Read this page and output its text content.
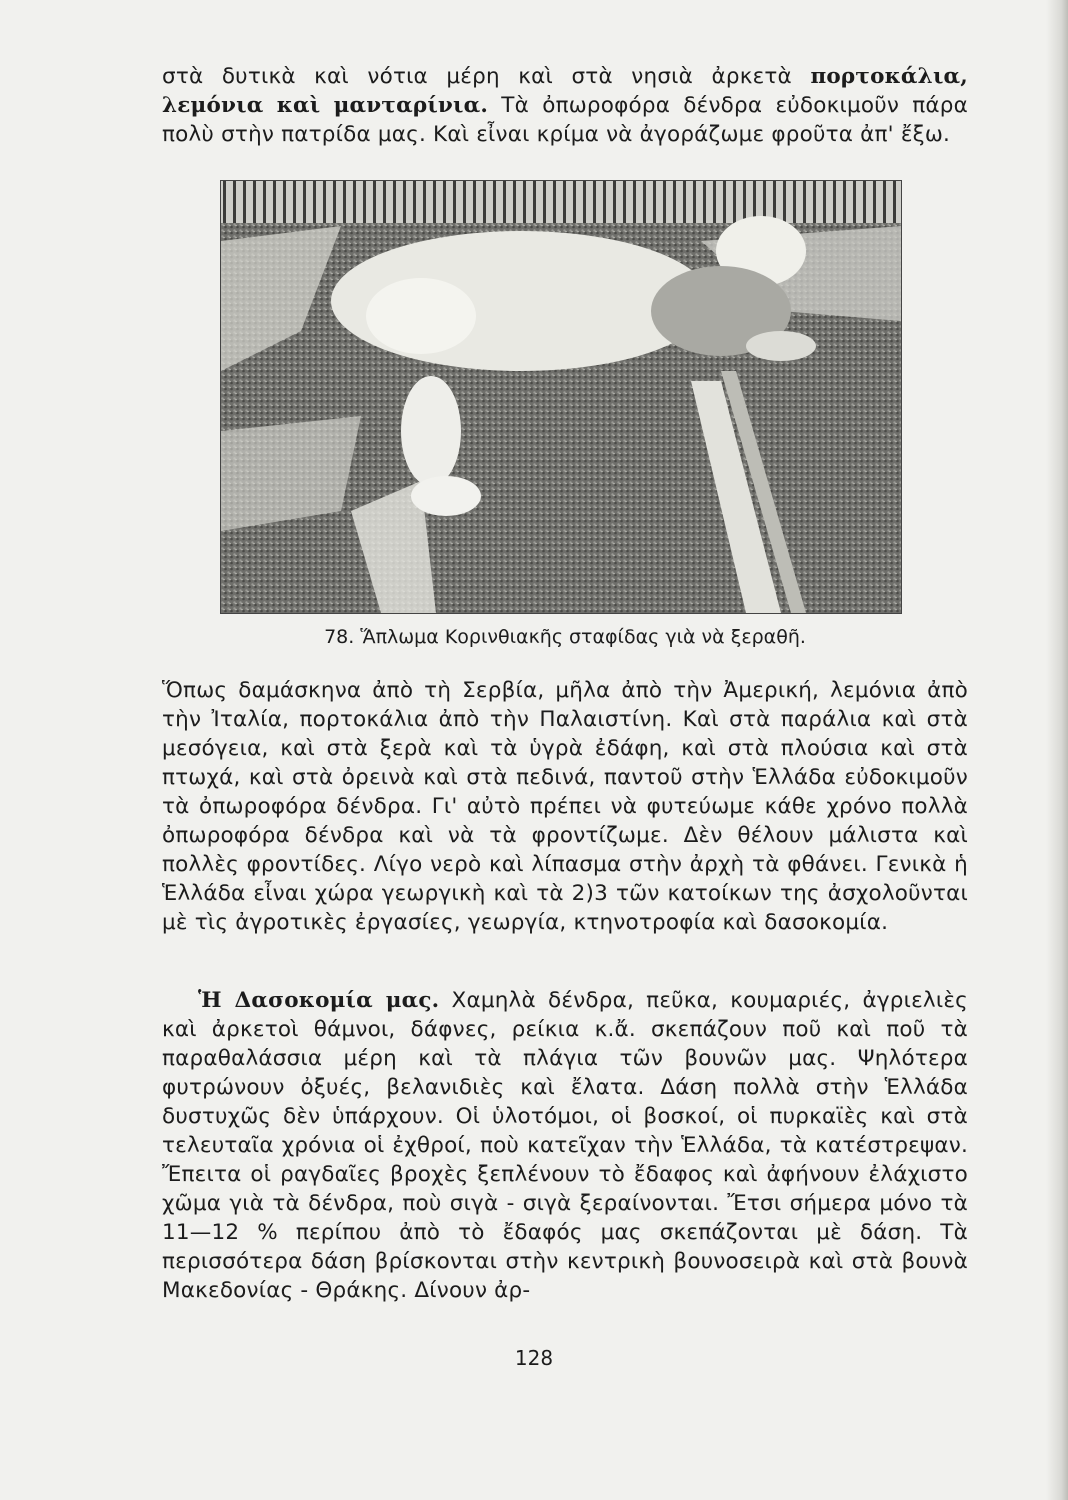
στὰ δυτικὰ καὶ νότια μέρη καὶ στὰ νησιὰ ἀρκετὰ πορτοκάλια, λεμόνια καὶ μανταρίνια. Τὰ ὀπωροφόρα δένδρα εὐδοκιμοῦν πάρα πολὺ στὴν πατρίδα μας. Καὶ εἶναι κρίμα νὰ ἀγοράζωμε φροῦτα ἀπ' ἔξω.

78. Ἅπλωμα Κορινθιακῆς σταφίδας γιὰ νὰ ξεραθῆ.

Ὅπως δαμάσκηνα ἀπὸ τὴ Σερβία, μῆλα ἀπὸ τὴν Ἀμερική, λεμόνια ἀπὸ τὴν Ἰταλία, πορτοκάλια ἀπὸ τὴν Παλαιστίνη. Καὶ στὰ παράλια καὶ στὰ μεσόγεια, καὶ στὰ ξερὰ καὶ τὰ ὑγρὰ ἐδάφη, καὶ στὰ πλούσια καὶ στὰ πτωχά, καὶ στὰ ὀρεινὰ καὶ στὰ πεδινά, παντοῦ στὴν Ἑλλάδα εὐδοκιμοῦν τὰ ὀπωροφόρα δένδρα. Γι' αὐτὸ πρέπει νὰ φυτεύωμε κάθε χρόνο πολλὰ ὀπωροφόρα δένδρα καὶ νὰ τὰ φροντίζωμε. Δὲν θέλουν μάλιστα καὶ πολλὲς φροντίδες. Λίγο νερὸ καὶ λίπασμα στὴν ἀρχὴ τὰ φθάνει. Γενικὰ ἡ Ἑλλάδα εἶναι χώρα γεωργικὴ καὶ τὰ 2)3 τῶν κατοίκων της ἀσχολοῦνται μὲ τὶς ἀγροτικὲς ἐργασίες, γεωργία, κτηνοτροφία καὶ δασοκομία.

Ἡ Δασοκομία μας. Χαμηλὰ δένδρα, πεῦκα, κουμαριές, ἀγριελιὲς καὶ ἀρκετοὶ θάμνοι, δάφνες, ρείκια κ.ἄ. σκεπάζουν ποῦ καὶ ποῦ τὰ παραθαλάσσια μέρη καὶ τὰ πλάγια τῶν βουνῶν μας. Ψηλότερα φυτρώνουν ὀξυές, βελανιδιὲς καὶ ἔλατα. Δάση πολλὰ στὴν Ἑλλάδα δυστυχῶς δὲν ὑπάρχουν. Οἱ ὑλοτόμοι, οἱ βοσκοί, οἱ πυρκαϊὲς καὶ στὰ τελευταῖα χρόνια οἱ ἐχθροί, ποὺ κατεῖχαν τὴν Ἑλλάδα, τὰ κατέστρεψαν. Ἔπειτα οἱ ραγδαῖες βροχὲς ξεπλένουν τὸ ἔδαφος καὶ ἀφήνουν ἐλάχιστο χῶμα γιὰ τὰ δένδρα, ποὺ σιγὰ - σιγὰ ξεραίνονται. Ἔτσι σήμερα μόνο τὰ 11—12 % περίπου ἀπὸ τὸ ἔδαφός μας σκεπάζονται μὲ δάση. Τὰ περισσότερα δάση βρίσκονται στὴν κεντρικὴ βουνοσειρὰ καὶ στὰ βουνὰ Μακεδονίας - Θράκης. Δίνουν ἀρ-

128
